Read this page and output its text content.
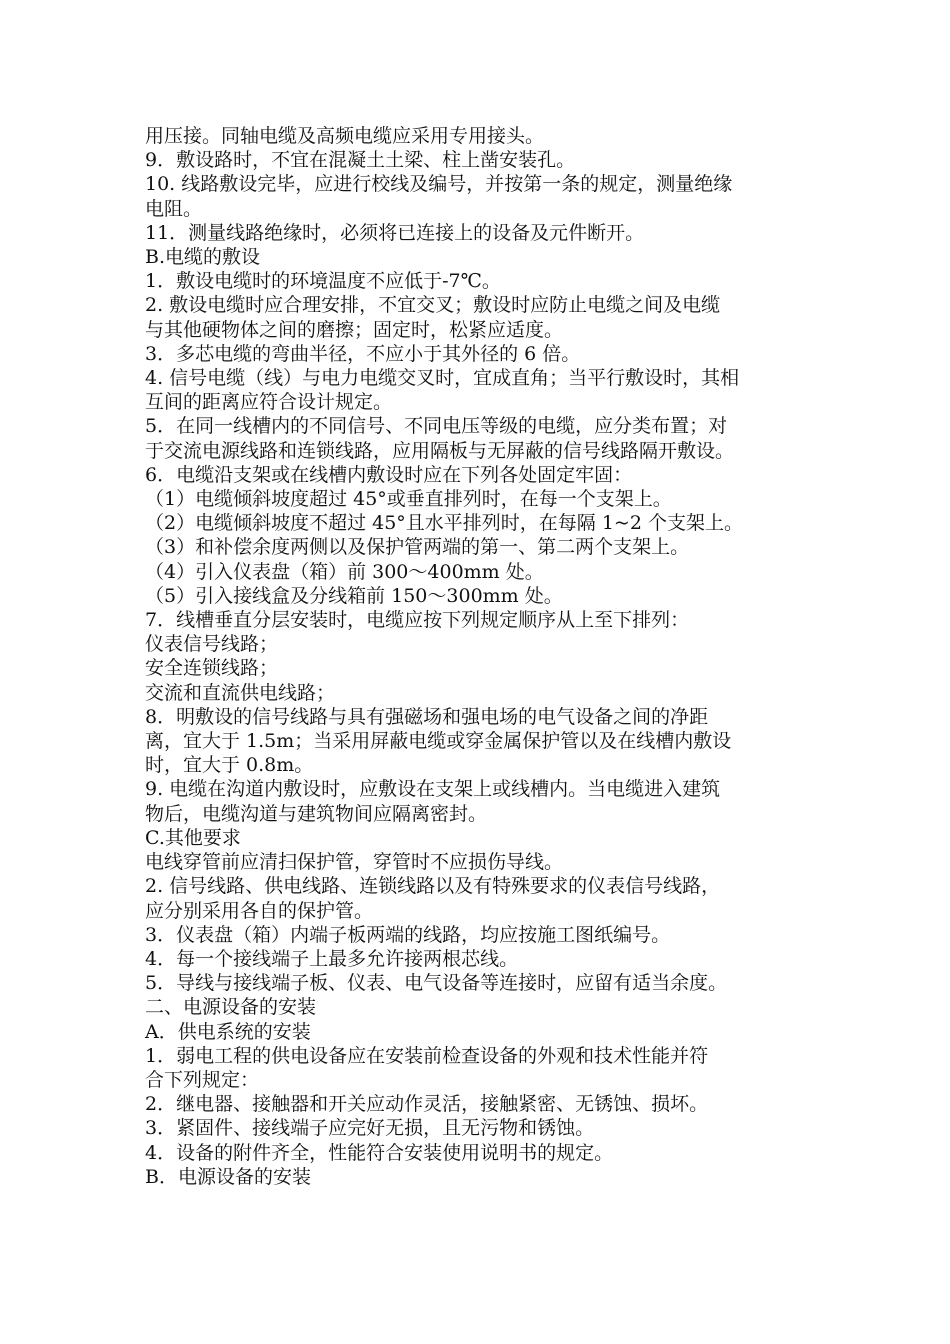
用压接。同轴电缆及高频电缆应采用专用接头。
9．敷设路时，不宜在混凝土土梁、柱上凿安装孔。
10. 线路敷设完毕，应进行校线及编号，并按第一条的规定，测量绝缘
电阻。
11．测量线路绝缘时，必须将已连接上的设备及元件断开。
B.电缆的敷设
1．敷设电缆时的环境温度不应低于-7℃。
2. 敷设电缆时应合理安排，不宜交叉；敷设时应防止电缆之间及电缆
与其他硬物体之间的磨擦；固定时，松紧应适度。
3．多芯电缆的弯曲半径，不应小于其外径的 6 倍。
4. 信号电缆（线）与电力电缆交叉时，宜成直角；当平行敷设时，其相
互间的距离应符合设计规定。
5．在同一线槽内的不同信号、不同电压等级的电缆，应分类布置；对
于交流电源线路和连锁线路，应用隔板与无屏蔽的信号线路隔开敷设。
6．电缆沿支架或在线槽内敷设时应在下列各处固定牢固：
（1）电缆倾斜坡度超过 45°或垂直排列时，在每一个支架上。
（2）电缆倾斜坡度不超过 45°且水平排列时，在每隔 1~2 个支架上。
（3）和补偿余度两侧以及保护管两端的第一、第二两个支架上。
（4）引入仪表盘（箱）前 300～400mm 处。
（5）引入接线盒及分线箱前 150～300mm 处。
7．线槽垂直分层安装时，电缆应按下列规定顺序从上至下排列：
仪表信号线路；
安全连锁线路；
交流和直流供电线路；
8．明敷设的信号线路与具有强磁场和强电场的电气设备之间的净距
离，宜大于 1.5m；当采用屏蔽电缆或穿金属保护管以及在线槽内敷设
时，宜大于 0.8m。
9. 电缆在沟道内敷设时，应敷设在支架上或线槽内。当电缆进入建筑
物后，电缆沟道与建筑物间应隔离密封。
C.其他要求
电线穿管前应清扫保护管，穿管时不应损伤导线。
2. 信号线路、供电线路、连锁线路以及有特殊要求的仪表信号线路，
应分别采用各自的保护管。
3．仪表盘（箱）内端子板两端的线路，均应按施工图纸编号。
4．每一个接线端子上最多允许接两根芯线。
5．导线与接线端子板、仪表、电气设备等连接时，应留有适当余度。
二、电源设备的安装
A．供电系统的安装
1．弱电工程的供电设备应在安装前检查设备的外观和技术性能并符
合下列规定：
2．继电器、接触器和开关应动作灵活，接触紧密、无锈蚀、损坏。
3．紧固件、接线端子应完好无损，且无污物和锈蚀。
4．设备的附件齐全，性能符合安装使用说明书的规定。
B．电源设备的安装
